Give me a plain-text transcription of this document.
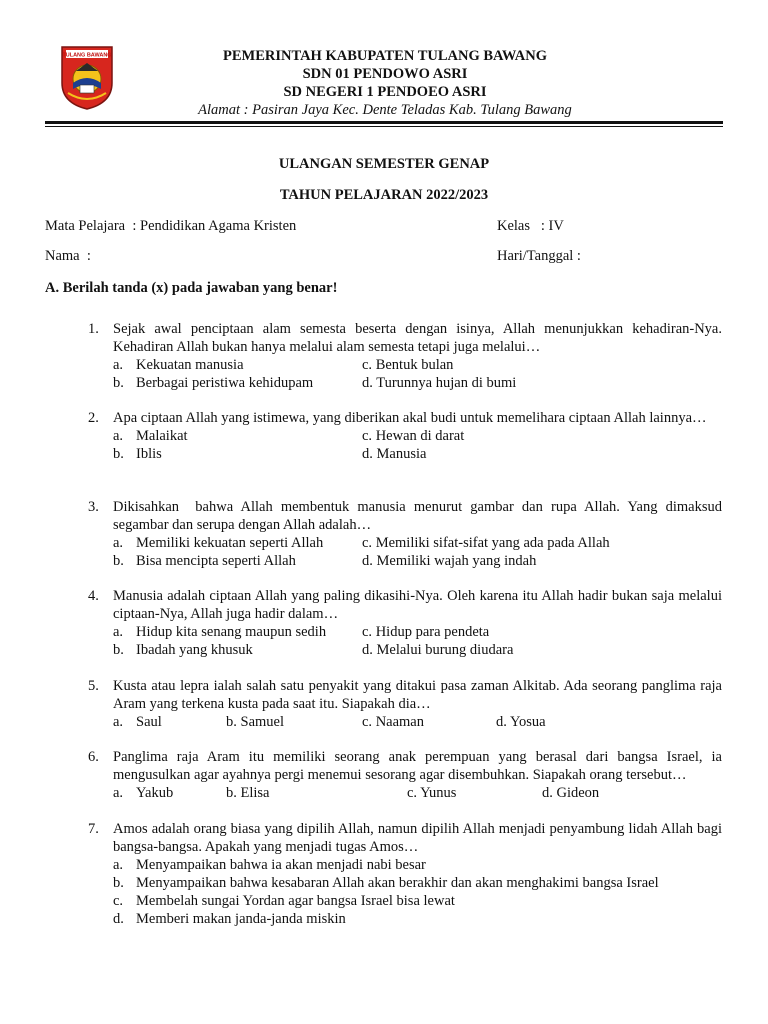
TULANG BAWANG	PEMERINTAH KABUPATEN TULANG BAWANG
SDN 01 PENDOWO ASRI
SD NEGERI 1 PENDOEO ASRI
Alamat : Pasiran Jaya Kec. Dente Teladas Kab. Tulang Bawang
ULANGAN SEMESTER GENAP
TAHUN PELAJARAN 2022/2023
Mata Pelajara  : Pendidikan Agama Kristen	Kelas   : IV
Nama  :	Hari/Tanggal :
A. Berilah tanda (x) pada jawaban yang benar!
1. Sejak awal penciptaan alam semesta beserta dengan isinya, Allah menunjukkan kehadiran-Nya. Kehadiran Allah bukan hanya melalui alam semesta tetapi juga melalui…
a. Kekuatan manusia
b. Berbagai peristiwa kehidupam
c. Bentuk bulan
d. Turunnya hujan di bumi
2. Apa ciptaan Allah yang istimewa, yang diberikan akal budi untuk memelihara ciptaan Allah lainnya…
a. Malaikat
b. Iblis
c. Hewan di darat
d. Manusia
3. Dikisahkan  bahwa Allah membentuk manusia menurut gambar dan rupa Allah. Yang dimaksud segambar dan serupa dengan Allah adalah…
a. Memiliki kekuatan seperti Allah
b. Bisa mencipta seperti Allah
c. Memiliki sifat-sifat yang ada pada Allah
d. Memiliki wajah yang indah
4. Manusia adalah ciptaan Allah yang paling dikasihi-Nya. Oleh karena itu Allah hadir bukan saja melalui ciptaan-Nya, Allah juga hadir dalam…
a. Hidup kita senang maupun sedih
b. Ibadah yang khusuk
c. Hidup para pendeta
d. Melalui burung diudara
5. Kusta atau lepra ialah salah satu penyakit yang ditakui pasa zaman Alkitab. Ada seorang panglima raja Aram yang terkena kusta pada saat itu. Siapakah dia…
a. Saul	b. Samuel	c. Naaman	d. Yosua
6. Panglima raja Aram itu memiliki seorang anak perempuan yang berasal dari bangsa Israel, ia mengusulkan agar ayahnya pergi menemui sesorang agar disembuhkan. Siapakah orang tersebut…
a. Yakub	b. Elisa	c. Yunus	d. Gideon
7. Amos adalah orang biasa yang dipilih Allah, namun dipilih Allah menjadi penyambung lidah Allah bagi bangsa-bangsa. Apakah yang menjadi tugas Amos…
a. Menyampaikan bahwa ia akan menjadi nabi besar
b. Menyampaikan bahwa kesabaran Allah akan berakhir dan akan menghakimi bangsa Israel
c. Membelah sungai Yordan agar bangsa Israel bisa lewat
d. Memberi makan janda-janda miskin
